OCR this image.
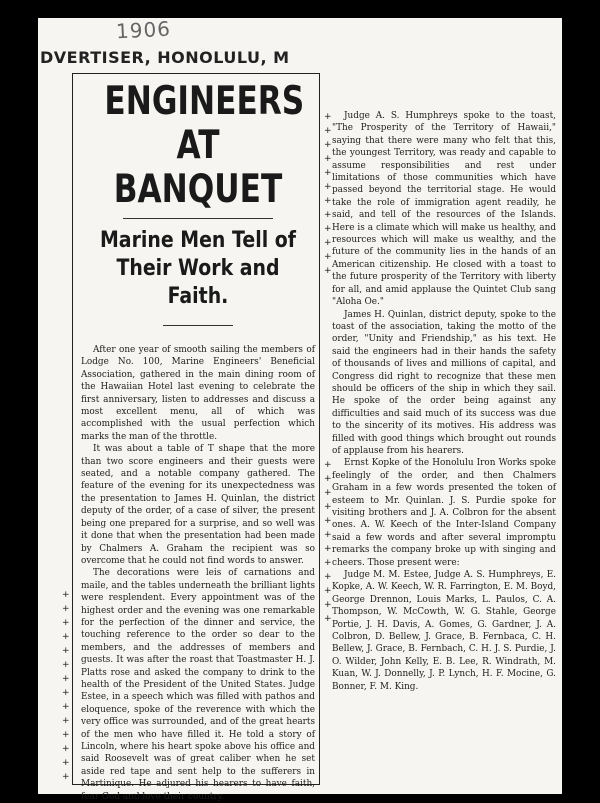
1906
DVERTISER, HONOLULU, M
+
+
+
+
+
+
+
+
+
+
+
+
+
+
ENGINEERS
AT BANQUET
Marine Men Tell of Their Work and Faith.

After one year of smooth sailing the members of Lodge No. 100, Marine Engineers' Beneficial Association, gathered in the main dining room of the Hawaiian Hotel last evening to celebrate the first anniversary, listen to addresses and discuss a most excellent menu, all of which was accomplished with the usual perfection which marks the man of the throttle.

It was about a table of T shape that the more than two score engineers and their guests were seated, and a notable company gathered. The feature of the evening for its unexpectedness was the presentation to James H. Quinlan, the district deputy of the order, of a case of silver, the present being one prepared for a surprise, and so well was it done that when the presentation had been made by Chalmers A. Graham the recipient was so overcome that he could not find words to answer.

The decorations were leis of carnations and maile, and the tables underneath the brilliant lights were resplendent. Every appointment was of the highest order and the evening was one remarkable for the perfection of the dinner and service, the touching reference to the order so dear to the members, and the addresses of members and guests. It was after the roast that Toastmaster H. J. Platts rose and asked the company to drink to the health of the President of the United States. Judge Estee, in a speech which was filled with pathos and eloquence, spoke of the reverence with which the very office was surrounded, and of the great hearts of the men who have filled it. He told a story of Lincoln, where his heart spoke above his office and said Roosevelt was of great caliber when he set aside red tape and sent help to the sufferers in Martinique. He adjured his hearers to have faith, fear God and love their country.

+
+
+
+
+
+
+
+
+
+
+
+
+
+
+
+
+
+
+
+
+
+
+
+

Judge A. S. Humphreys spoke to the toast, "The Prosperity of the Territory of Hawaii," saying that there were many who felt that this, the youngest Territory, was ready and capable to assume responsibilities and rest under limitations of those communities which have passed beyond the territorial stage. He would take the role of immigration agent readily, he said, and tell of the resources of the Islands. Here is a climate which will make us healthy, and resources which will make us wealthy, and the future of the community lies in the hands of an American citizenship. He closed with a toast to the future prosperity of the Territory with liberty for all, and amid applause the Quintet Club sang "Aloha Oe."

James H. Quinlan, district deputy, spoke to the toast of the association, taking the motto of the order, "Unity and Friendship," as his text. He said the engineers had in their hands the safety of thousands of lives and millions of capital, and Congress did right to recognize that these men should be officers of the ship in which they sail. He spoke of the order being against any difficulties and said much of its success was due to the sincerity of its motives. His address was filled with good things which brought out rounds of applause from his hearers.

Ernst Kopke of the Honolulu Iron Works spoke feelingly of the order, and then Chalmers Graham in a few words presented the token of esteem to Mr. Quinlan. J. S. Purdie spoke for visiting brothers and J. A. Colbron for the absent ones. A. W. Keech of the Inter-Island Company said a few words and after several impromptu remarks the company broke up with singing and cheers. Those present were:

Judge M. M. Estee, Judge A. S. Humphreys, E. Kopke, A. W. Keech, W. R. Farrington, E. M. Boyd, George Drennon, Louis Marks, L. Paulos, C. A. Thompson, W. McCowth, W. G. Stahle, George Portie, J. H. Davis, A. Gomes, G. Gardner, J. A. Colbron, D. Bellew, J. Grace, B. Fernbaca, C. H. Bellew, J. Grace, B. Fernbach, C. H. J. S. Purdie, J. O. Wilder, John Kelly, E. B. Lee, R. Windrath, M. Kuan, W. J. Donnelly, J. P. Lynch, H. F. Mocine, G. Bonner, F. M. King.
